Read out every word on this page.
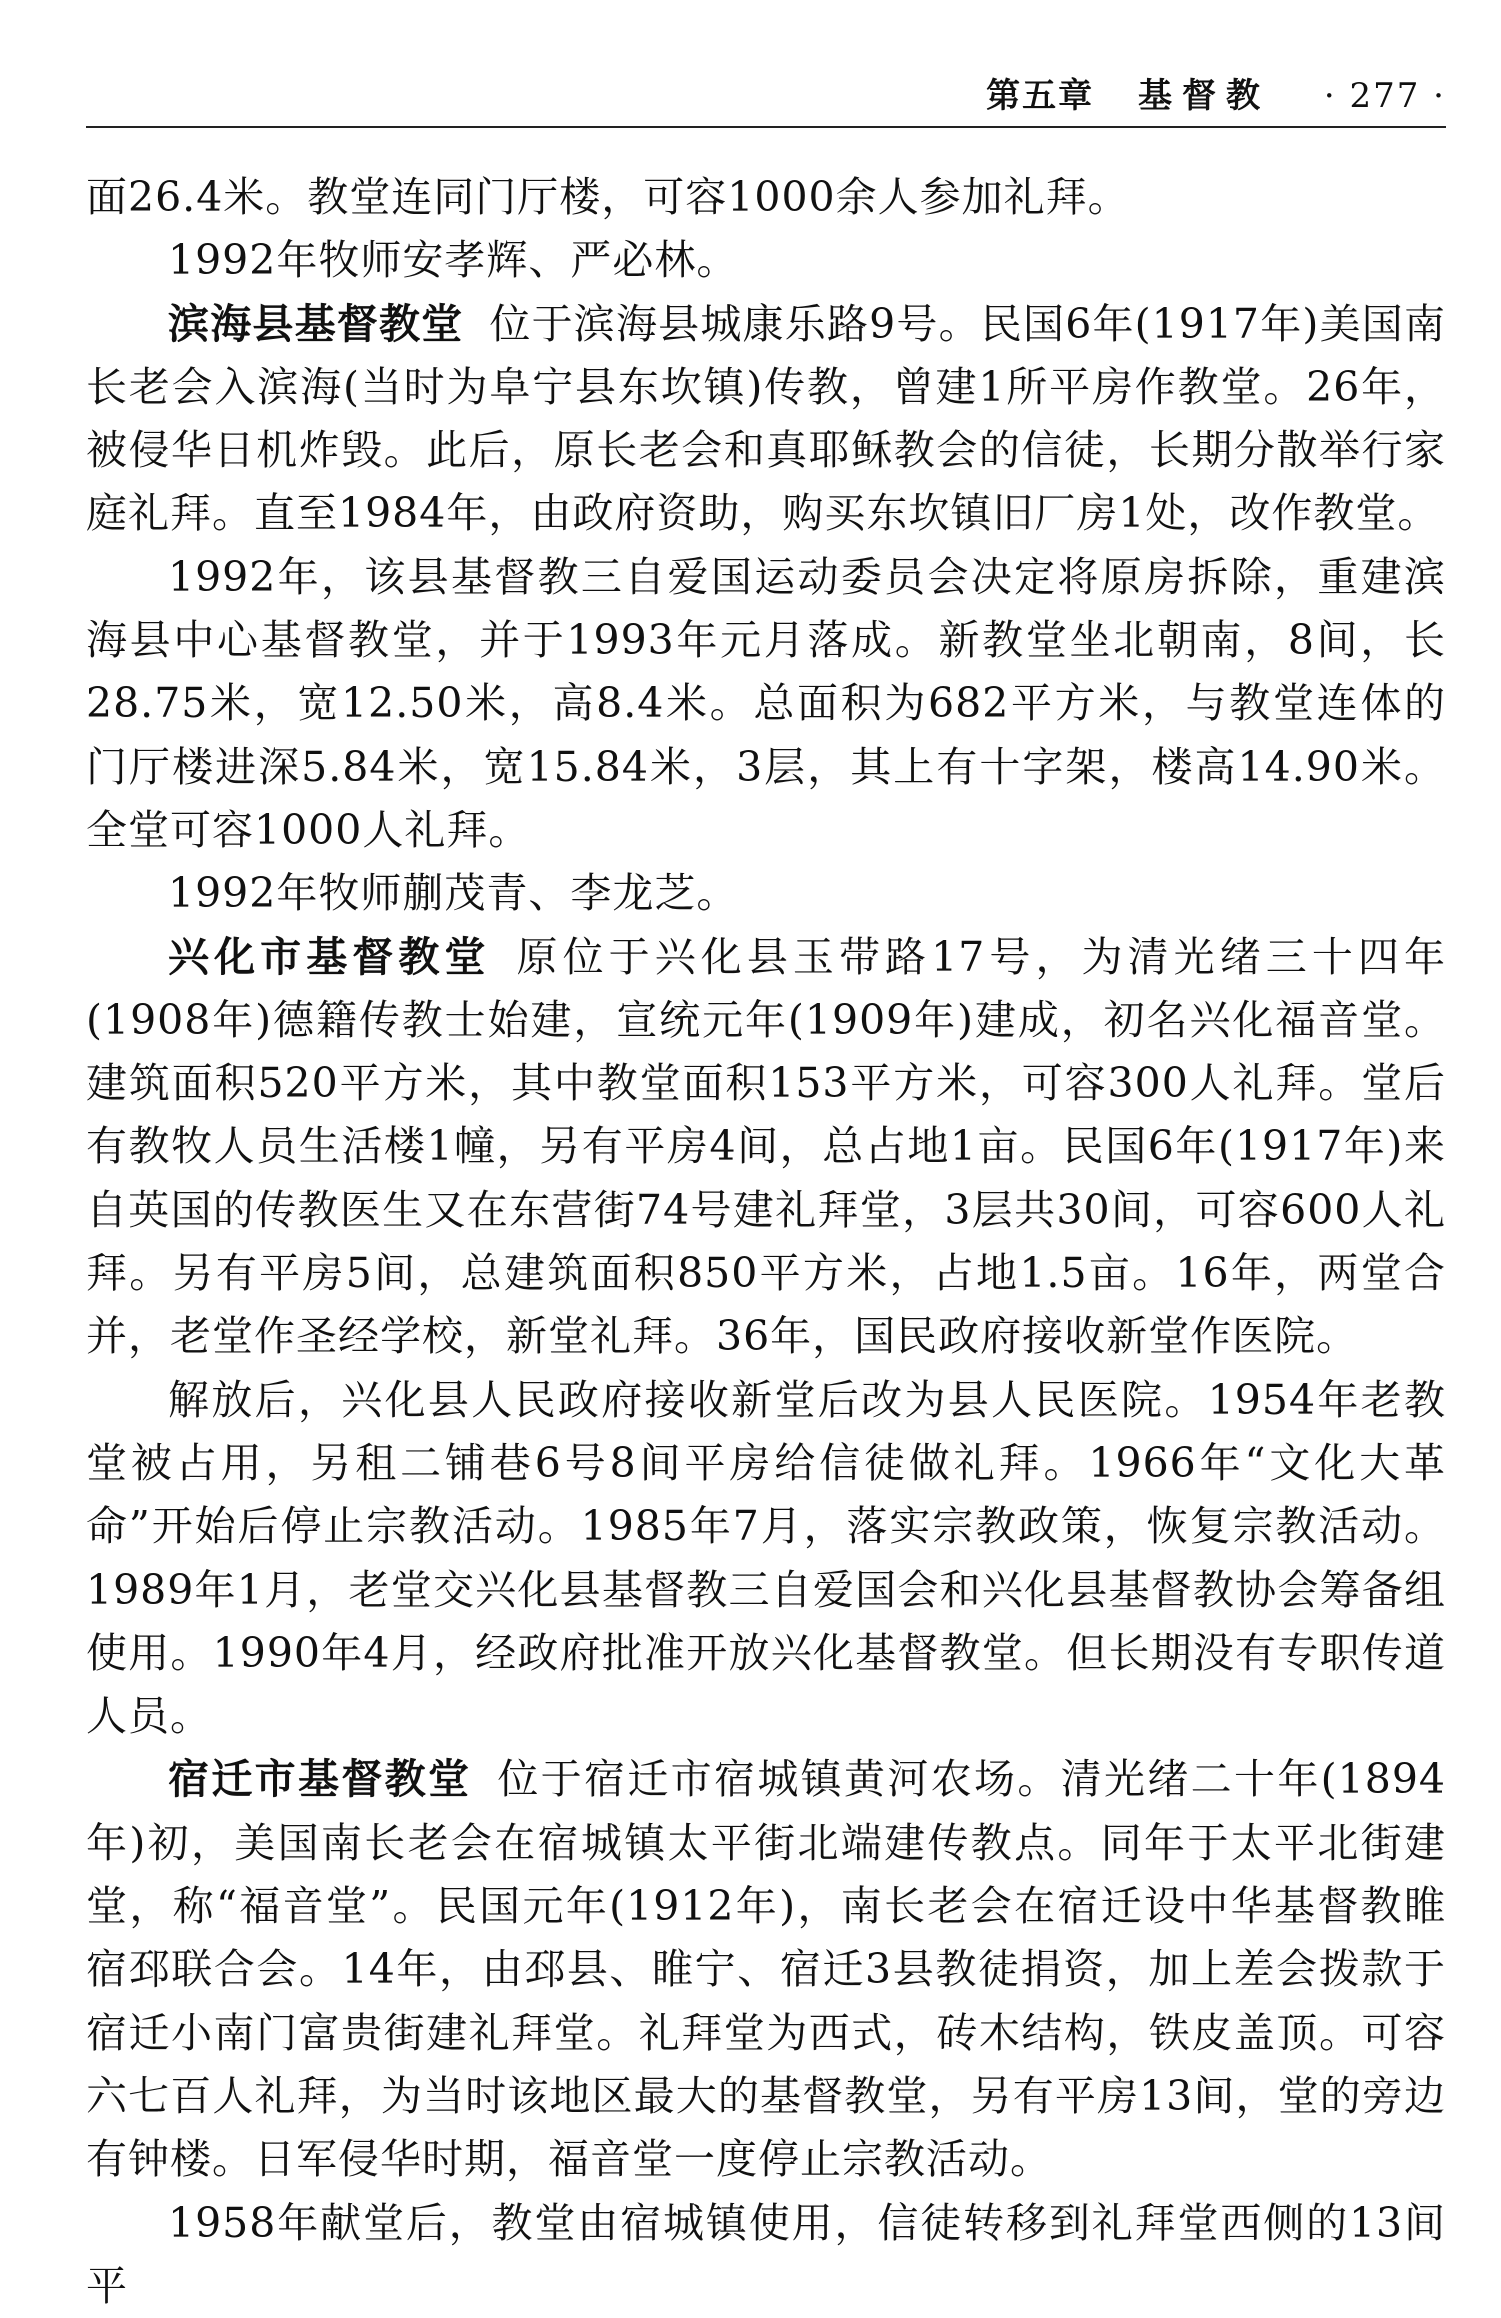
第五章 基督教 · 277 ·

面26.4米。教堂连同门厅楼，可容1000余人参加礼拜。

1992年牧师安孝辉、严必林。

滨海县基督教堂 位于滨海县城康乐路9号。民国6年(1917年)美国南长老会入滨海(当时为阜宁县东坎镇)传教，曾建1所平房作教堂。26年，被侵华日机炸毁。此后，原长老会和真耶稣教会的信徒，长期分散举行家庭礼拜。直至1984年，由政府资助，购买东坎镇旧厂房1处，改作教堂。

1992年，该县基督教三自爱国运动委员会决定将原房拆除，重建滨海县中心基督教堂，并于1993年元月落成。新教堂坐北朝南，8间，长28.75米，宽12.50米，高8.4米。总面积为682平方米，与教堂连体的门厅楼进深5.84米，宽15.84米，3层，其上有十字架，楼高14.90米。全堂可容1000人礼拜。

1992年牧师蒯茂青、李龙芝。

兴化市基督教堂 原位于兴化县玉带路17号，为清光绪三十四年(1908年)德籍传教士始建，宣统元年(1909年)建成，初名兴化福音堂。建筑面积520平方米，其中教堂面积153平方米，可容300人礼拜。堂后有教牧人员生活楼1幢，另有平房4间，总占地1亩。民国6年(1917年)来自英国的传教医生又在东营街74号建礼拜堂，3层共30间，可容600人礼拜。另有平房5间，总建筑面积850平方米，占地1.5亩。16年，两堂合并，老堂作圣经学校，新堂礼拜。36年，国民政府接收新堂作医院。

解放后，兴化县人民政府接收新堂后改为县人民医院。1954年老教堂被占用，另租二铺巷6号8间平房给信徒做礼拜。1966年“文化大革命”开始后停止宗教活动。1985年7月，落实宗教政策，恢复宗教活动。1989年1月，老堂交兴化县基督教三自爱国会和兴化县基督教协会筹备组使用。1990年4月，经政府批准开放兴化基督教堂。但长期没有专职传道人员。

宿迁市基督教堂 位于宿迁市宿城镇黄河农场。清光绪二十年(1894年)初，美国南长老会在宿城镇太平街北端建传教点。同年于太平北街建堂，称“福音堂”。民国元年(1912年)，南长老会在宿迁设中华基督教睢宿邳联合会。14年，由邳县、睢宁、宿迁3县教徒捐资，加上差会拨款于宿迁小南门富贵街建礼拜堂。礼拜堂为西式，砖木结构，铁皮盖顶。可容六七百人礼拜，为当时该地区最大的基督教堂，另有平房13间，堂的旁边有钟楼。日军侵华时期，福音堂一度停止宗教活动。

1958年献堂后，教堂由宿城镇使用，信徒转移到礼拜堂西侧的13间平
